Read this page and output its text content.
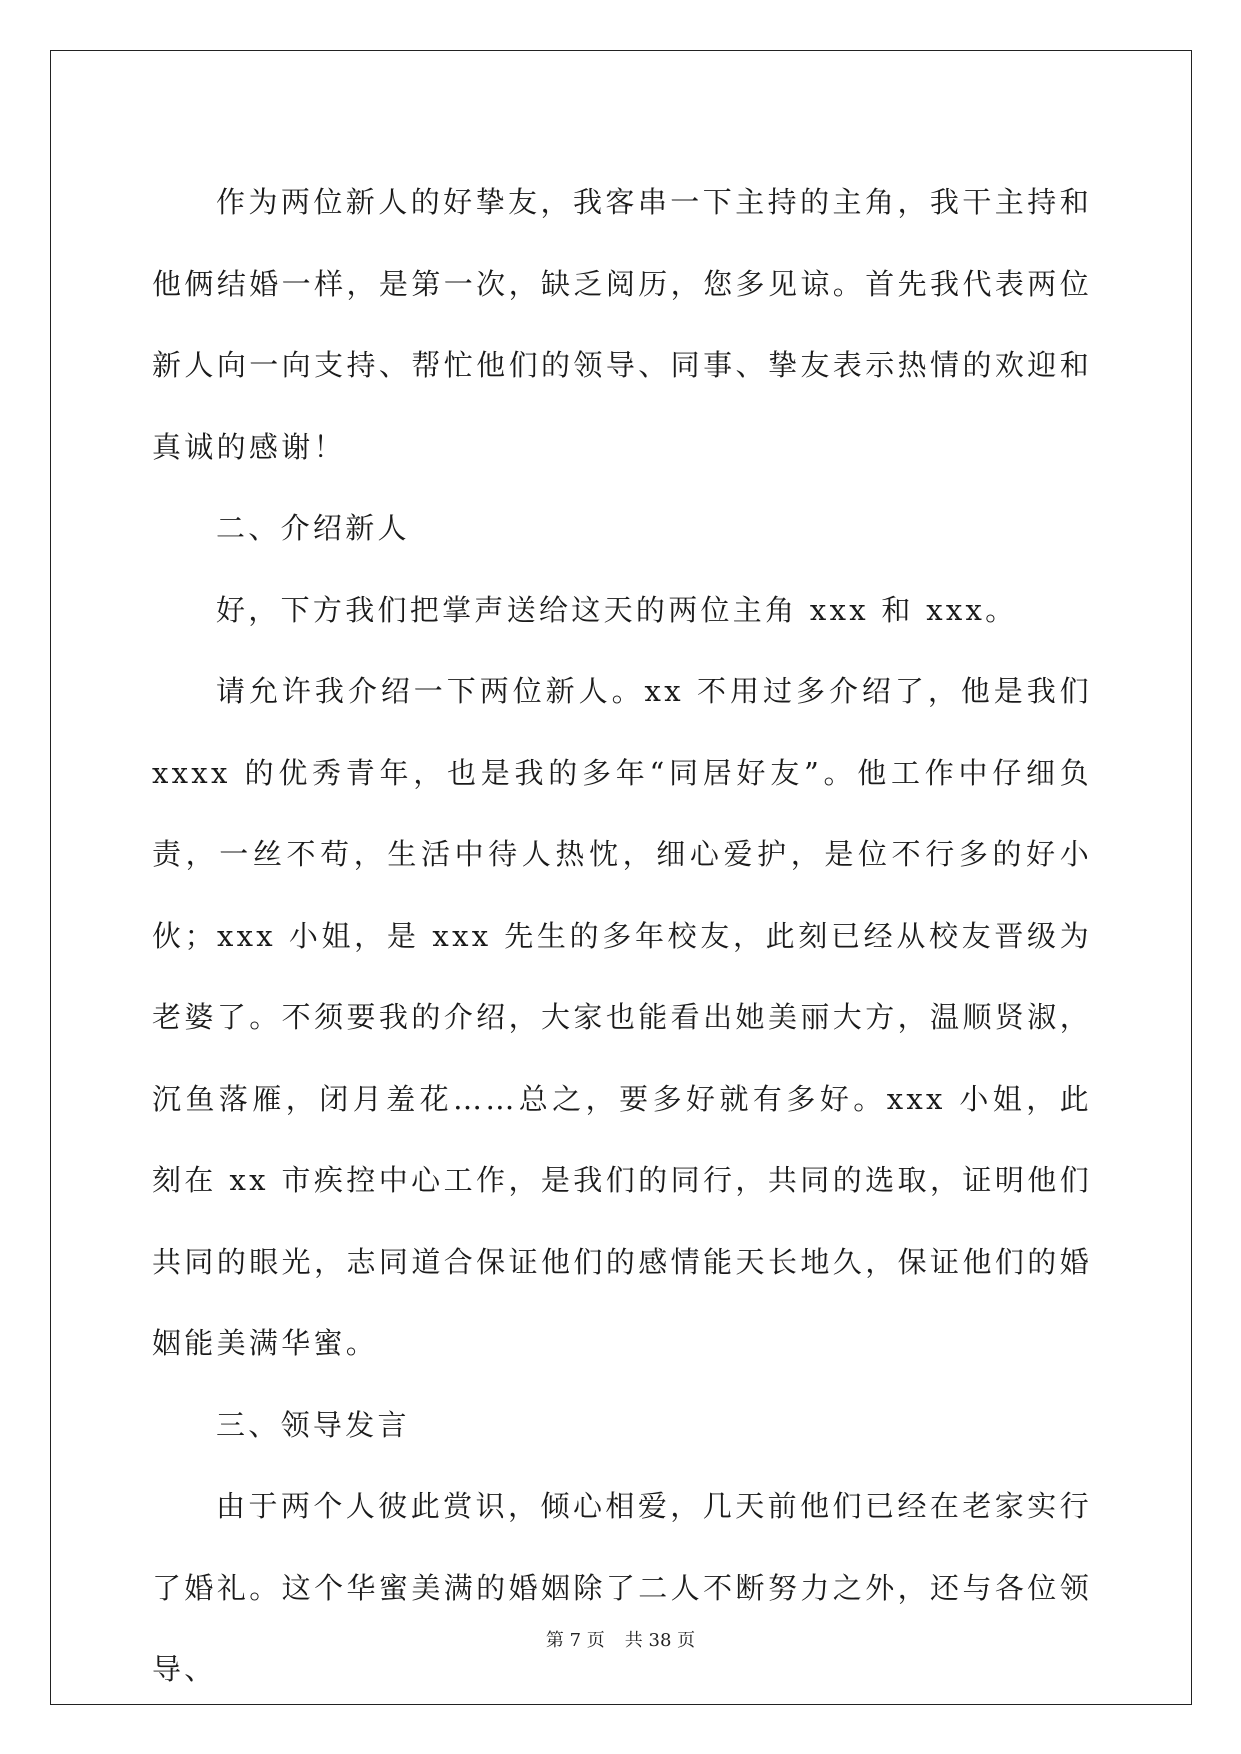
作为两位新人的好挚友，我客串一下主持的主角，我干主持和他俩结婚一样，是第一次，缺乏阅历，您多见谅。首先我代表两位新人向一向支持、帮忙他们的领导、同事、挚友表示热情的欢迎和真诚的感谢！

二、介绍新人

好，下方我们把掌声送给这天的两位主角 xxx 和 xxx。

请允许我介绍一下两位新人。xx 不用过多介绍了，他是我们 xxxx 的优秀青年，也是我的多年“同居好友”。他工作中仔细负责，一丝不苟，生活中待人热忱，细心爱护，是位不行多的好小伙；xxx 小姐，是 xxx 先生的多年校友，此刻已经从校友晋级为老婆了。不须要我的介绍，大家也能看出她美丽大方，温顺贤淑，沉鱼落雁，闭月羞花……总之，要多好就有多好。xxx 小姐，此刻在 xx 市疾控中心工作，是我们的同行，共同的选取，证明他们共同的眼光，志同道合保证他们的感情能天长地久，保证他们的婚姻能美满华蜜。

三、领导发言

由于两个人彼此赏识，倾心相爱，几天前他们已经在老家实行了婚礼。这个华蜜美满的婚姻除了二人不断努力之外，还与各位领导、

第 7 页 共 38 页
